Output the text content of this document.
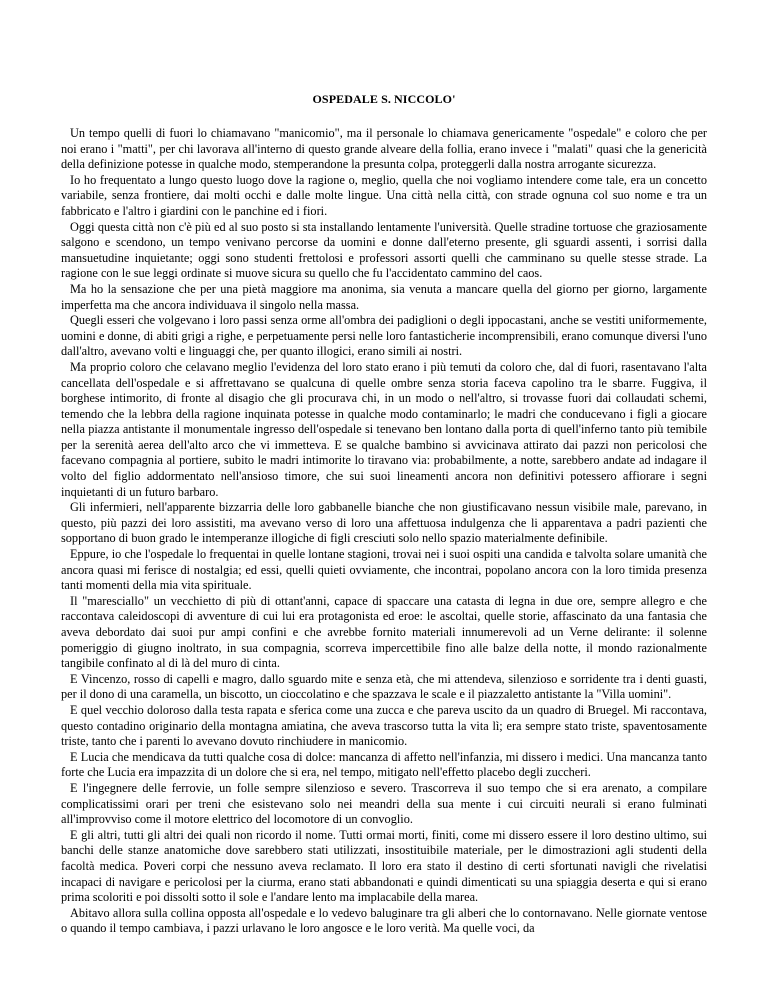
OSPEDALE S. NICCOLO'

Un tempo quelli di fuori lo chiamavano "manicomio", ma il personale lo chiamava genericamente "ospedale" e coloro che per noi erano i "matti", per chi lavorava all'interno di questo grande alveare della follia, erano invece i "malati" quasi che la genericità della definizione potesse in qualche modo, stemperandone la presunta colpa, proteggerli dalla nostra arrogante sicurezza.

Io ho frequentato a lungo questo luogo dove la ragione o, meglio, quella che noi vogliamo intendere come tale, era un concetto variabile, senza frontiere, dai molti occhi e dalle molte lingue. Una città nella città, con strade ognuna col suo nome e tra un fabbricato e l'altro i giardini con le panchine ed i fiori.

Oggi questa città non c'è più ed al suo posto si sta installando lentamente l'università. Quelle stradine tortuose che graziosamente salgono e scendono, un tempo venivano percorse da uomini e donne dall'eterno presente, gli sguardi assenti, i sorrisi dalla mansuetudine inquietante; oggi sono studenti frettolosi e professori assorti quelli che camminano su quelle stesse strade. La ragione con le sue leggi ordinate si muove sicura su quello che fu l'accidentato cammino del caos.

Ma ho la sensazione che per una pietà maggiore ma anonima, sia venuta a mancare quella del giorno per giorno, largamente imperfetta ma che ancora individuava il singolo nella massa.

Quegli esseri che volgevano i loro passi senza orme all'ombra dei padiglioni o degli ippocastani, anche se vestiti uniformemente, uomini e donne, di abiti grigi a righe, e perpetuamente persi nelle loro fantasticherie incomprensibili, erano comunque diversi l'uno dall'altro, avevano volti e linguaggi che, per quanto illogici, erano simili ai nostri.

Ma proprio coloro che celavano meglio l'evidenza del loro stato erano i più temuti da coloro che, dal di fuori, rasentavano l'alta cancellata dell'ospedale e si affrettavano se qualcuna di quelle ombre senza storia faceva capolino tra le sbarre. Fuggiva, il borghese intimorito, di fronte al disagio che gli procurava chi, in un modo o nell'altro, si trovasse fuori dai collaudati schemi, temendo che la lebbra della ragione inquinata potesse in qualche modo contaminarlo; le madri che conducevano i figli a giocare nella piazza antistante il monumentale ingresso dell'ospedale si tenevano ben lontano dalla porta di quell'inferno tanto più temibile per la serenità aerea dell'alto arco che vi immetteva. E se qualche bambino si avvicinava attirato dai pazzi non pericolosi che facevano compagnia al portiere, subito le madri intimorite lo tiravano via: probabilmente, a notte, sarebbero andate ad indagare il volto del figlio addormentato nell'ansioso timore, che sui suoi lineamenti ancora non definitivi potessero affiorare i segni inquietanti di un futuro barbaro.

Gli infermieri, nell'apparente bizzarria delle loro gabbanelle bianche che non giustificavano nessun visibile male, parevano, in questo, più pazzi dei loro assistiti, ma avevano verso di loro una affettuosa indulgenza che li apparentava a padri pazienti che sopportano di buon grado le intemperanze illogiche di figli cresciuti solo nello spazio materialmente definibile.

Eppure, io che l'ospedale lo frequentai in quelle lontane stagioni, trovai nei i suoi ospiti una candida e talvolta solare umanità che ancora quasi mi ferisce di nostalgia; ed essi, quelli quieti ovviamente, che incontrai, popolano ancora con la loro timida presenza tanti momenti della mia vita spirituale.

Il "maresciallo" un vecchietto di più di ottant'anni, capace di spaccare una catasta di legna in due ore, sempre allegro e che raccontava caleidoscopi di avventure di cui lui era protagonista ed eroe: le ascoltai, quelle storie, affascinato da una fantasia che aveva debordato dai suoi pur ampi confini e che avrebbe fornito materiali innumerevoli ad un Verne delirante: il solenne pomeriggio di giugno inoltrato, in sua compagnia, scorreva impercettibile fino alle balze della notte, il mondo razionalmente tangibile confinato al di là del muro di cinta.

E Vincenzo, rosso di capelli e magro, dallo sguardo mite e senza età, che mi attendeva, silenzioso e sorridente tra i denti guasti, per il dono di una caramella, un biscotto, un cioccolatino e che spazzava le scale e il piazzaletto antistante la "Villa uomini".

E quel vecchio doloroso dalla testa rapata e sferica come una zucca e che pareva uscito da un quadro di Bruegel. Mi raccontava, questo contadino originario della montagna amiatina, che aveva trascorso tutta la vita lì; era sempre stato triste, spaventosamente triste, tanto che i parenti lo avevano dovuto rinchiudere in manicomio.

E Lucia che mendicava da tutti qualche cosa di dolce: mancanza di affetto nell'infanzia, mi dissero i medici. Una mancanza tanto forte che Lucia era impazzita di un dolore che si era, nel tempo, mitigato nell'effetto placebo degli zuccheri.

E l'ingegnere delle ferrovie, un folle sempre silenzioso e severo. Trascorreva il suo tempo che si era arenato, a compilare complicatissimi orari per treni che esistevano solo nei meandri della sua mente i cui circuiti neurali si erano fulminati all'improvviso come il motore elettrico del locomotore di un convoglio.

E gli altri, tutti gli altri dei quali non ricordo il nome. Tutti ormai morti, finiti, come mi dissero essere il loro destino ultimo, sui banchi delle stanze anatomiche dove sarebbero stati utilizzati, insostituibile materiale, per le dimostrazioni agli studenti della facoltà medica. Poveri corpi che nessuno aveva reclamato. Il loro era stato il destino di certi sfortunati navigli che rivelatisi incapaci di navigare e pericolosi per la ciurma, erano stati abbandonati e quindi dimenticati su una spiaggia deserta e qui si erano prima scoloriti e poi dissolti sotto il sole e l'andare lento ma implacabile della marea.

Abitavo allora sulla collina opposta all'ospedale e lo vedevo baluginare tra gli alberi che lo contornavano. Nelle giornate ventose o quando il tempo cambiava, i pazzi urlavano le loro angosce e le loro verità. Ma quelle voci, da
